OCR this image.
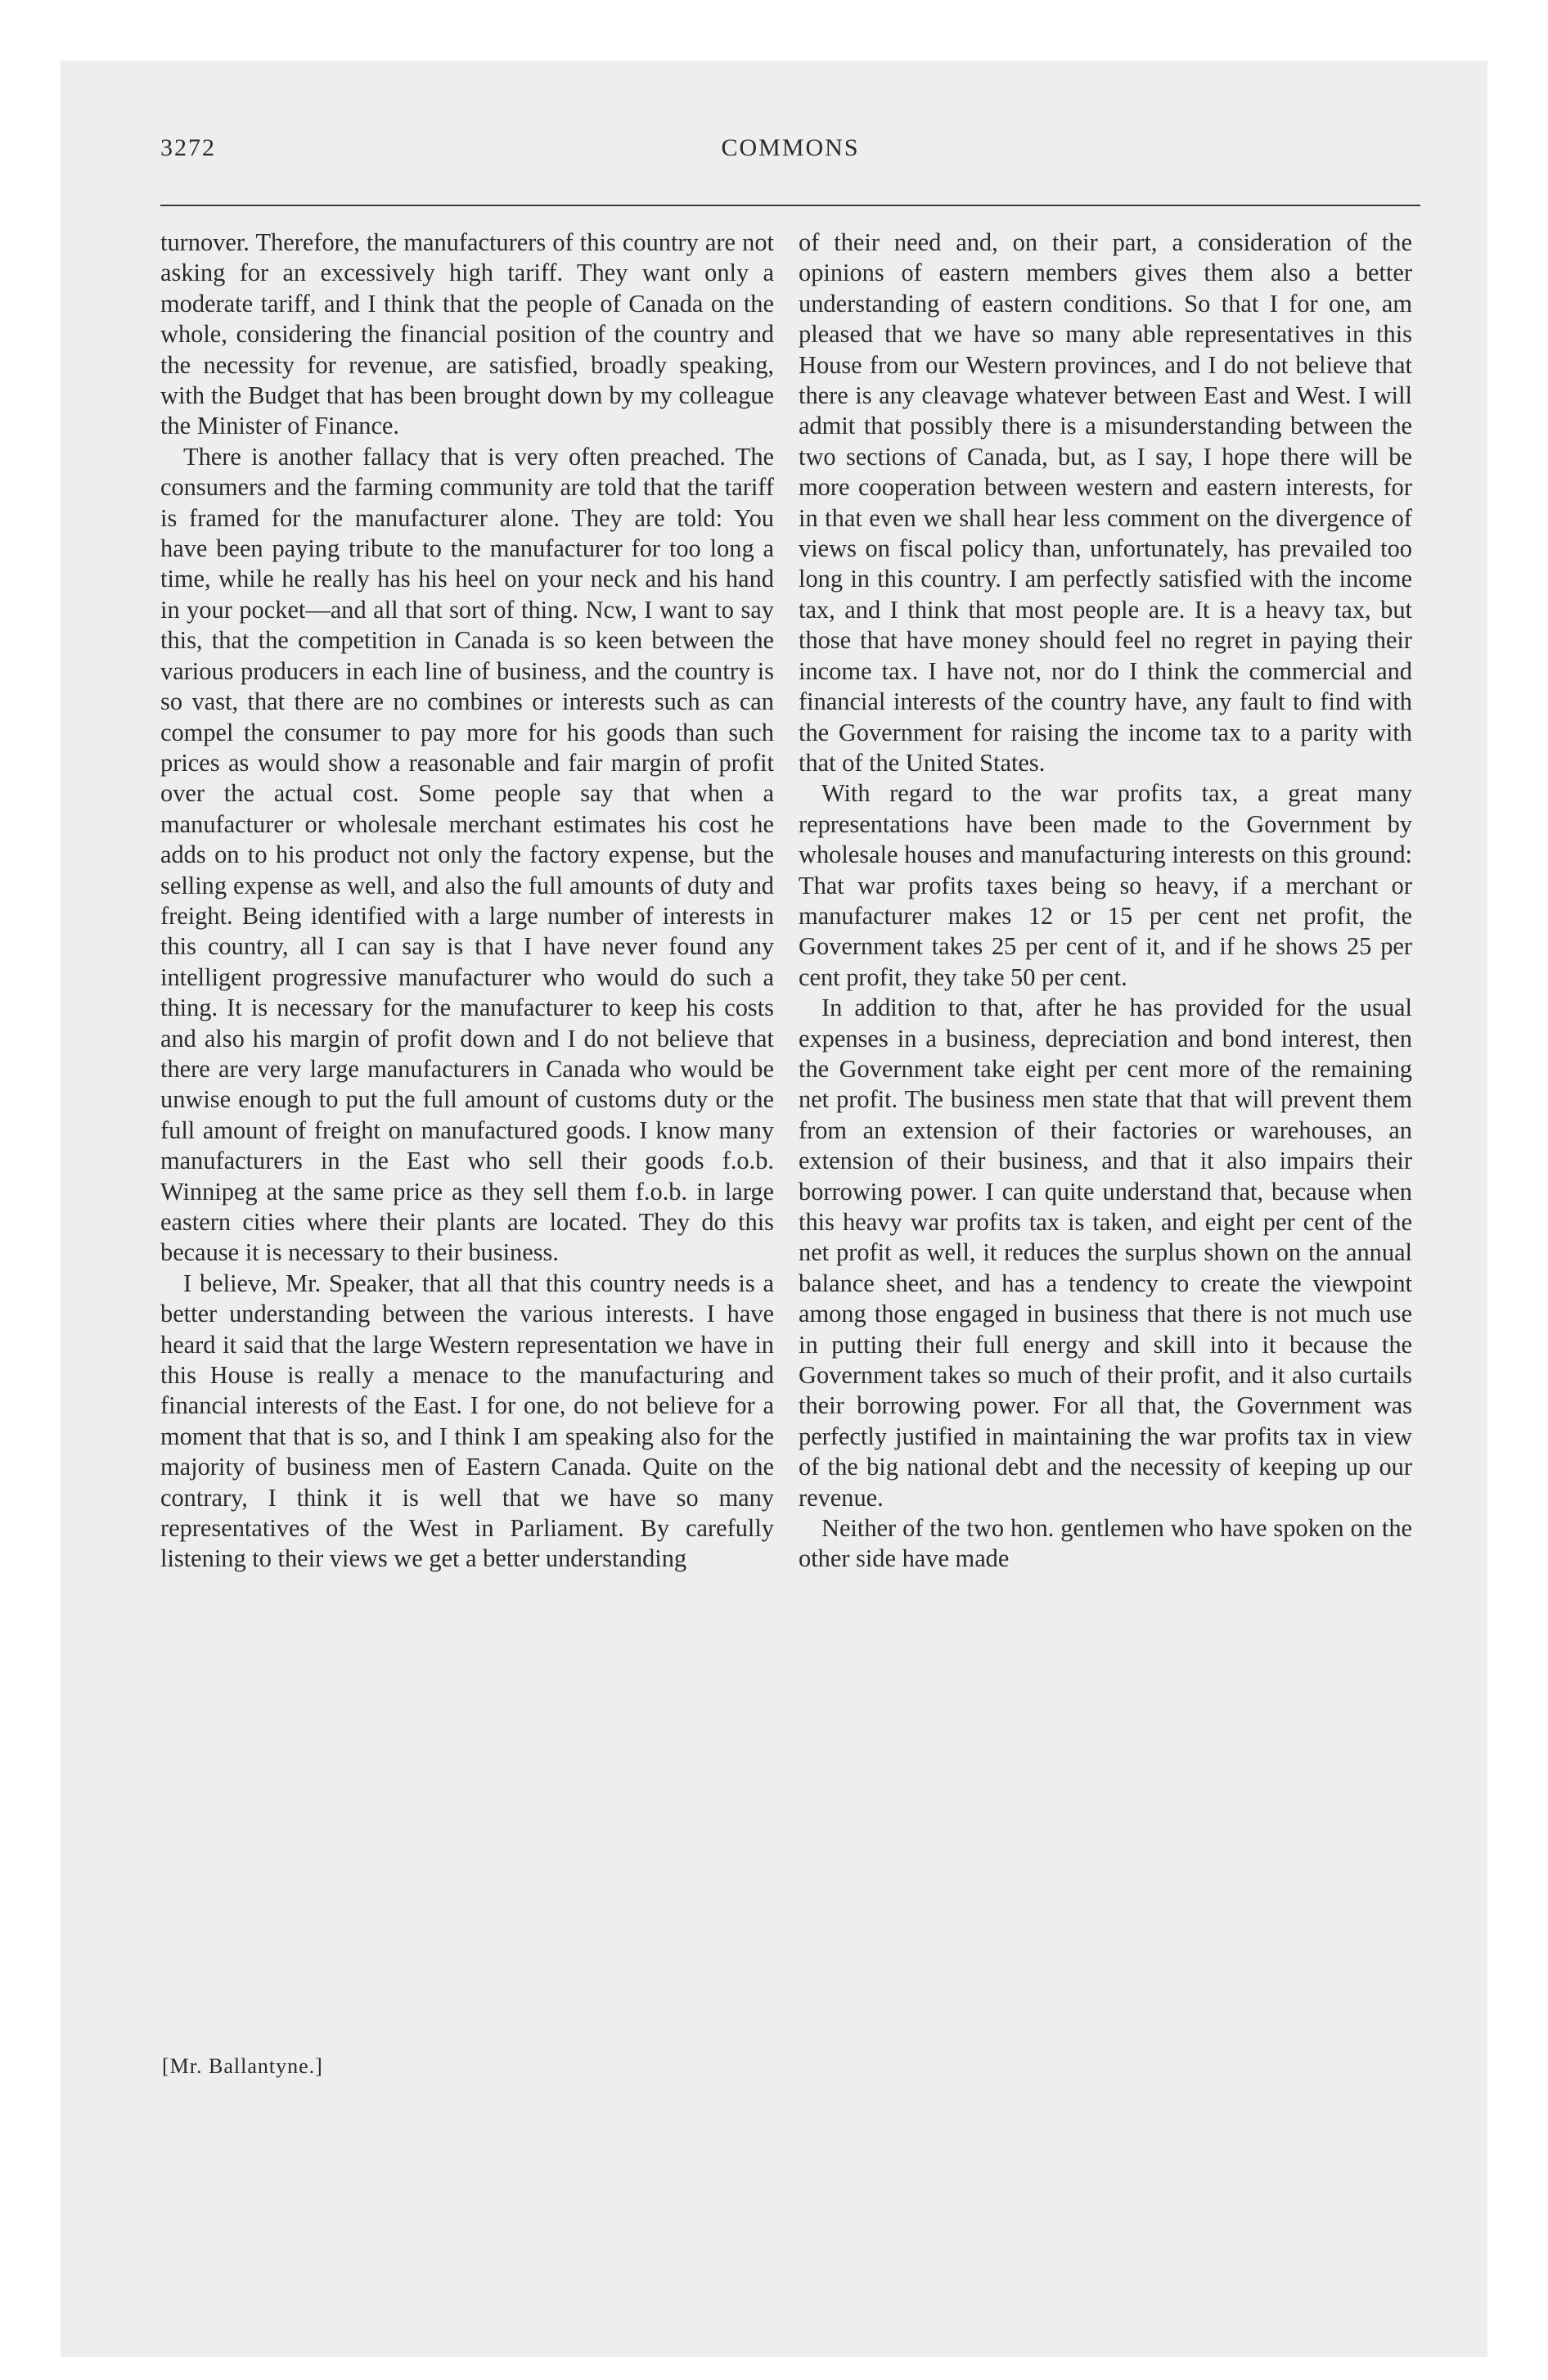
3272	COMMONS

turnover. Therefore, the manufacturers of this country are not asking for an excessively high tariff. They want only a moderate tariff, and I think that the people of Canada on the whole, considering the financial position of the country and the necessity for revenue, are satisfied, broadly speaking, with the Budget that has been brought down by my colleague the Minister of Finance.

There is another fallacy that is very often preached. The consumers and the farming community are told that the tariff is framed for the manufacturer alone. They are told: You have been paying tribute to the manufacturer for too long a time, while he really has his heel on your neck and his hand in your pocket—and all that sort of thing. Ncw, I want to say this, that the competition in Canada is so keen between the various producers in each line of business, and the country is so vast, that there are no combines or interests such as can compel the consumer to pay more for his goods than such prices as would show a reasonable and fair margin of profit over the actual cost. Some people say that when a manufacturer or wholesale merchant estimates his cost he adds on to his product not only the factory expense, but the selling expense as well, and also the full amounts of duty and freight. Being identified with a large number of interests in this country, all I can say is that I have never found any intelligent progressive manufacturer who would do such a thing. It is necessary for the manufacturer to keep his costs and also his margin of profit down and I do not believe that there are very large manufacturers in Canada who would be unwise enough to put the full amount of customs duty or the full amount of freight on manufactured goods. I know many manufacturers in the East who sell their goods f.o.b. Winnipeg at the same price as they sell them f.o.b. in large eastern cities where their plants are located. They do this because it is necessary to their business.

I believe, Mr. Speaker, that all that this country needs is a better understanding between the various interests. I have heard it said that the large Western representation we have in this House is really a menace to the manufacturing and financial interests of the East. I for one, do not believe for a moment that that is so, and I think I am speaking also for the majority of business men of Eastern Canada. Quite on the contrary, I think it is well that we have so many representatives of the West in Parliament. By carefully listening to their views we get a better understanding

of their need and, on their part, a consideration of the opinions of eastern members gives them also a better understanding of eastern conditions. So that I for one, am pleased that we have so many able representatives in this House from our Western provinces, and I do not believe that there is any cleavage whatever between East and West. I will admit that possibly there is a misunderstanding between the two sections of Canada, but, as I say, I hope there will be more cooperation between western and eastern interests, for in that even we shall hear less comment on the divergence of views on fiscal policy than, unfortunately, has prevailed too long in this country. I am perfectly satisfied with the income tax, and I think that most people are. It is a heavy tax, but those that have money should feel no regret in paying their income tax. I have not, nor do I think the commercial and financial interests of the country have, any fault to find with the Government for raising the income tax to a parity with that of the United States.

With regard to the war profits tax, a great many representations have been made to the Government by wholesale houses and manufacturing interests on this ground: That war profits taxes being so heavy, if a merchant or manufacturer makes 12 or 15 per cent net profit, the Government takes 25 per cent of it, and if he shows 25 per cent profit, they take 50 per cent.

In addition to that, after he has provided for the usual expenses in a business, depreciation and bond interest, then the Government take eight per cent more of the remaining net profit. The business men state that that will prevent them from an extension of their factories or warehouses, an extension of their business, and that it also impairs their borrowing power. I can quite understand that, because when this heavy war profits tax is taken, and eight per cent of the net profit as well, it reduces the surplus shown on the annual balance sheet, and has a tendency to create the viewpoint among those engaged in business that there is not much use in putting their full energy and skill into it because the Government takes so much of their profit, and it also curtails their borrowing power. For all that, the Government was perfectly justified in maintaining the war profits tax in view of the big national debt and the necessity of keeping up our revenue.

Neither of the two hon. gentlemen who have spoken on the other side have made

[Mr. Ballantyne.]
